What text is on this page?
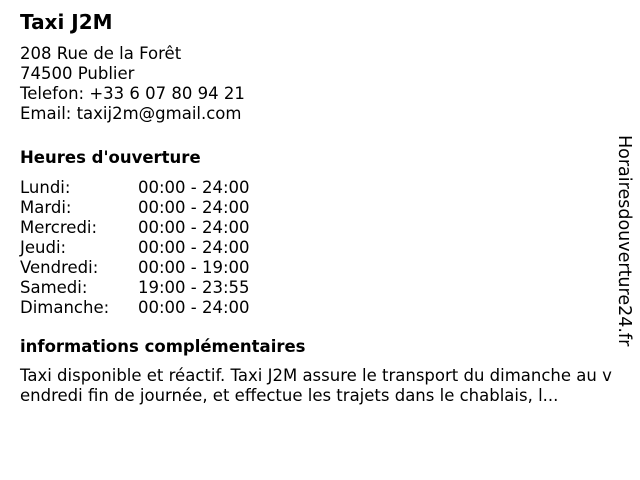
Taxi J2M
208 Rue de la Forêt
74500 Publier
Telefon: +33 6 07 80 94 21
Email: taxij2m@gmail.com
Heures d'ouverture
Lundi:	00:00 - 24:00
Mardi:	00:00 - 24:00
Mercredi:	00:00 - 24:00
Jeudi:	00:00 - 24:00
Vendredi:	00:00 - 19:00
Samedi:	19:00 - 23:55
Dimanche:	00:00 - 24:00
informations complémentaires
Taxi disponible et réactif. Taxi J2M assure le transport du dimanche au vendredi fin de journée, et effectue les trajets dans le chablais, l...
Horairesdouverture24.fr
